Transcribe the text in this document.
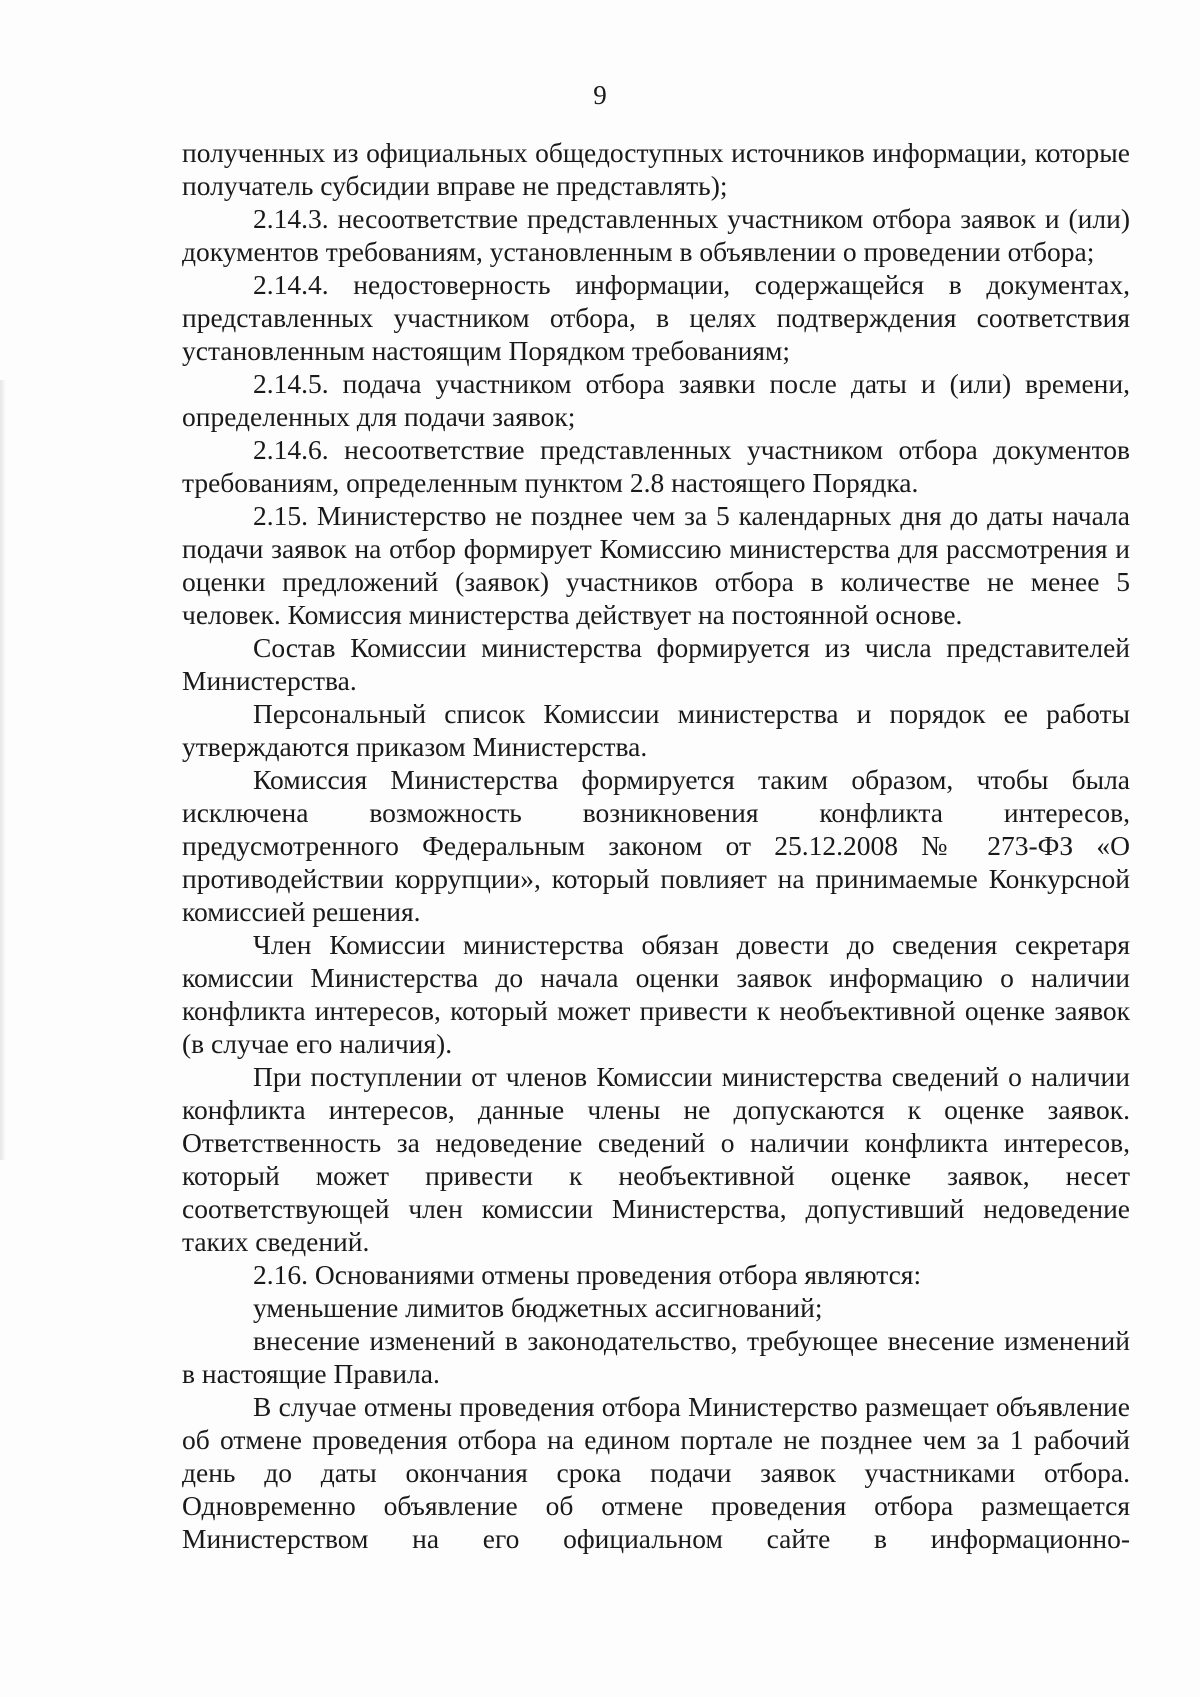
9

полученных из официальных общедоступных источников информации, которые получатель субсидии вправе не представлять);

2.14.3. несоответствие представленных участником отбора заявок и (или) документов требованиям, установленным в объявлении о проведении отбора;

2.14.4. недостоверность информации, содержащейся в документах, представленных участником отбора, в целях подтверждения соответствия установленным настоящим Порядком требованиям;

2.14.5. подача участником отбора заявки после даты и (или) времени, определенных для подачи заявок;

2.14.6. несоответствие представленных участником отбора документов требованиям, определенным пунктом 2.8 настоящего Порядка.

2.15. Министерство не позднее чем за 5 календарных дня до даты начала подачи заявок на отбор формирует Комиссию министерства для рассмотрения и оценки предложений (заявок) участников отбора в количестве не менее 5 человек. Комиссия министерства действует на постоянной основе.

Состав Комиссии министерства формируется из числа представителей Министерства.

Персональный список Комиссии министерства и порядок ее работы утверждаются приказом Министерства.

Комиссия Министерства формируется таким образом, чтобы была исключена возможность возникновения конфликта интересов, предусмотренного Федеральным законом от 25.12.2008 № 273-ФЗ «О противодействии коррупции», который повлияет на принимаемые Конкурсной комиссией решения.

Член Комиссии министерства обязан довести до сведения секретаря комиссии Министерства до начала оценки заявок информацию о наличии конфликта интересов, который может привести к необъективной оценке заявок (в случае его наличия).

При поступлении от членов Комиссии министерства сведений о наличии конфликта интересов, данные члены не допускаются к оценке заявок. Ответственность за недоведение сведений о наличии конфликта интересов, который может привести к необъективной оценке заявок, несет соответствующей член комиссии Министерства, допустивший недоведение таких сведений.

2.16. Основаниями отмены проведения отбора являются:

уменьшение лимитов бюджетных ассигнований;

внесение изменений в законодательство, требующее внесение изменений в настоящие Правила.

В случае отмены проведения отбора Министерство размещает объявление об отмене проведения отбора на едином портале не позднее чем за 1 рабочий день до даты окончания срока подачи заявок участниками отбора. Одновременно объявление об отмене проведения отбора размещается Министерством на его официальном сайте в информационно-
